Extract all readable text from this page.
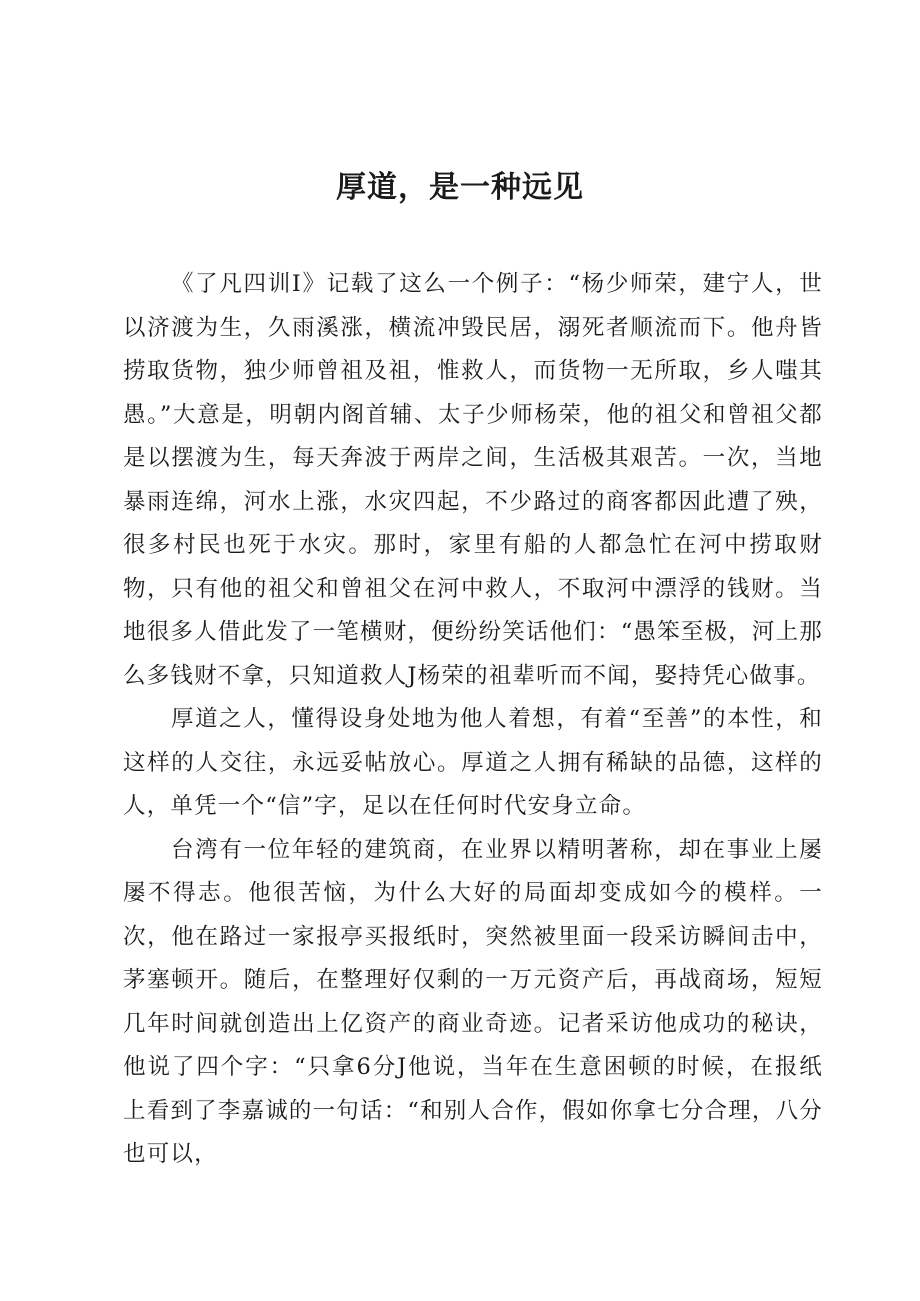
厚道，是一种远见

《了凡四训I》记载了这么一个例子：“杨少师荣，建宁人，世以济渡为生，久雨溪涨，横流冲毁民居，溺死者顺流而下。他舟皆捞取货物，独少师曾祖及祖，惟救人，而货物一无所取，乡人嗤其愚。”大意是，明朝内阁首辅、太子少师杨荣，他的祖父和曾祖父都是以摆渡为生，每天奔波于两岸之间，生活极其艰苦。一次，当地暴雨连绵，河水上涨，水灾四起，不少路过的商客都因此遭了殃，很多村民也死于水灾。那时，家里有船的人都急忙在河中捞取财物，只有他的祖父和曾祖父在河中救人，不取河中漂浮的钱财。当地很多人借此发了一笔横财，便纷纷笑话他们：“愚笨至极，河上那么多钱财不拿，只知道救人J杨荣的祖辈听而不闻，娶持凭心做事。

厚道之人，懂得设身处地为他人着想，有着“至善”的本性，和这样的人交往，永远妥帖放心。厚道之人拥有稀缺的品德，这样的人，单凭一个“信”字，足以在任何时代安身立命。

台湾有一位年轻的建筑商，在业界以精明著称，却在事业上屡屡不得志。他很苦恼，为什么大好的局面却变成如今的模样。一次，他在路过一家报亭买报纸时，突然被里面一段采访瞬间击中，茅塞顿开。随后，在整理好仅剩的一万元资产后，再战商场，短短几年时间就创造出上亿资产的商业奇迹。记者采访他成功的秘诀，他说了四个字：“只拿6分J他说，当年在生意困顿的时候，在报纸上看到了李嘉诚的一句话：“和别人合作，假如你拿七分合理，八分也可以，
